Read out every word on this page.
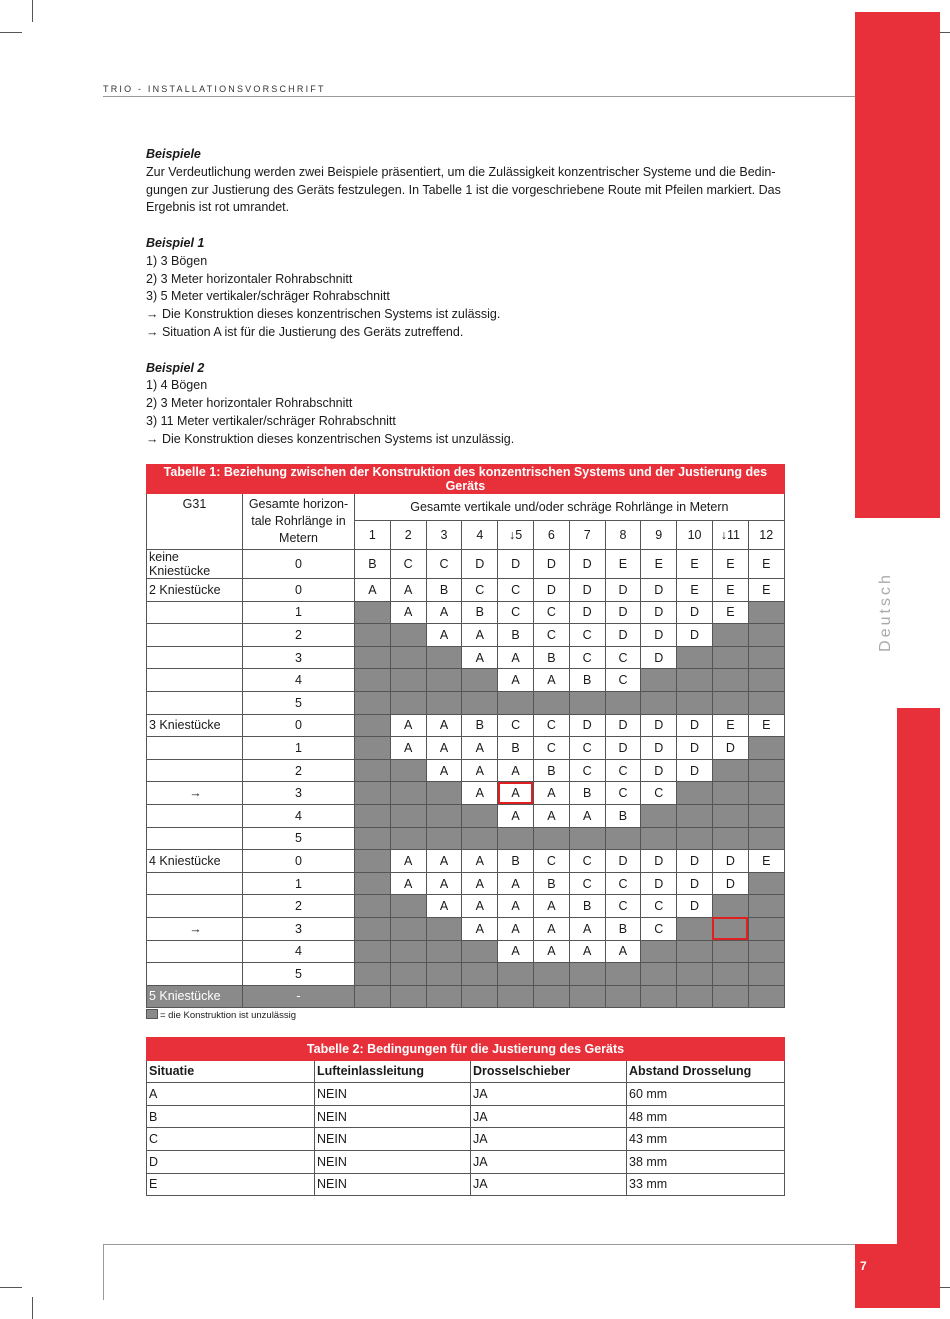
TRIO - INSTALLATIONSVORSCHRIFT
Deutsch
7

Beispiele

Zur Verdeutlichung werden zwei Beispiele präsentiert, um die Zulässigkeit konzentrischer Systeme und die Bedin-

gungen zur Justierung des Geräts festzulegen. In Tabelle 1 ist die vorgeschriebene Route mit Pfeilen markiert. Das

Ergebnis ist rot umrandet.

Beispiel 1

1) 3 Bögen

2) 3 Meter horizontaler Rohrabschnitt

3) 5 Meter vertikaler/schräger Rohrabschnitt

→ Die Konstruktion dieses konzentrischen Systems ist zulässig.

→ Situation A ist für die Justierung des Geräts zutreffend.

Beispiel 2

1) 4 Bögen

2) 3 Meter horizontaler Rohrabschnitt

3) 11 Meter vertikaler/schräger Rohrabschnitt

→ Die Konstruktion dieses konzentrischen Systems ist unzulässig.

Tabelle 1: Beziehung zwischen der Konstruktion des konzentrischen Systems und der Justierung des Geräts													
G31	Gesamte horizon- tale Rohrlänge in Metern	Gesamte vertikale und/oder schräge Rohrlänge in Metern											
		1	2	3	4	↓5	6	7	8	9	10	↓11	12
keine Kniestücke	0	B	C	C	D	D	D	D	E	E	E	E	E
2 Kniestücke	0	A	A	B	C	C	D	D	D	D	E	E	E
	1		A	A	B	C	C	D	D	D	D	E	
	2			A	A	B	C	C	D	D	D		
	3				A	A	B	C	C	D			
	4					A	A	B	C				
	5												
3 Kniestücke	0		A	A	B	C	C	D	D	D	D	E	E
	1		A	A	A	B	C	C	D	D	D	D	
	2			A	A	A	B	C	C	D	D		
→	3				A	A	A	B	C	C			
	4					A	A	A	B				
	5												
4 Kniestücke	0		A	A	A	B	C	C	D	D	D	D	E
	1		A	A	A	A	B	C	C	D	D	D	
	2			A	A	A	A	B	C	C	D		
→	3				A	A	A	A	B	C			
	4					A	A	A	A				
	5												
5 Kniestücke	-												
= die Konstruktion ist unzulässig
Tabelle 2: Bedingungen für die Justierung des Geräts			
Situatie	Lufteinlassleitung	Drosselschieber	Abstand Drosselung
A	NEIN	JA	60 mm
B	NEIN	JA	48 mm
C	NEIN	JA	43 mm
D	NEIN	JA	38 mm
E	NEIN	JA	33 mm
